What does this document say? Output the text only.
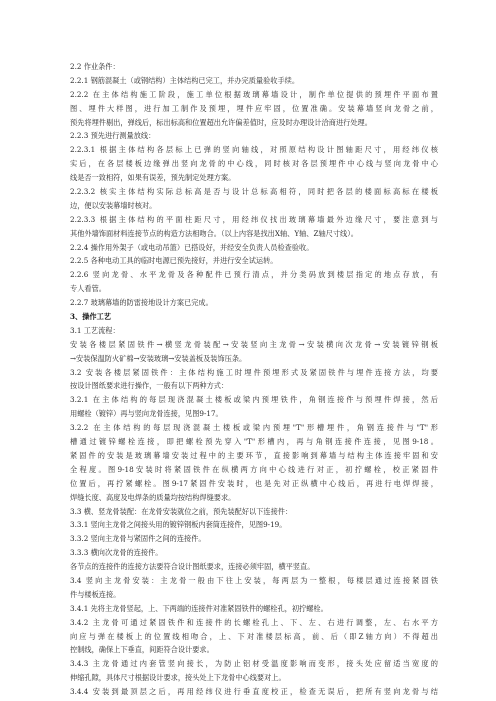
2.2 作业条件：
2.2.1 钢筋混凝土（或钢结构）主体结构已完工，并办完质量验收手续。
2.2.2 在主体结构施工阶段，施工单位根据玻璃幕墙设计，制作单位提供的预埋件平面布置
图、埋件大样图，进行加工制作及预埋，埋件应牢固，位置准确。安装幕墙竖向龙骨之前，
预先将埋件剔出，弹线后，标出标高和位置超出允许偏差值时，应及时办理设计洽商进行处理。
2.2.3 预先进行测量放线：
2.2.3.1 根据主体结构各层标上已弹的竖向轴线，对照原结构设计图轴距尺寸，用经纬仪核
实后，在各层楼板边缘弹出竖向龙骨的中心线，同时核对各层预埋件中心线与竖向龙骨中心
线是否一致相符，如果有误差，预先制定处理方案。
2.2.3.2 核实主体结构实际总标高是否与设计总标高相符，同时把各层的楼面标高标在楼板
边，便以安装幕墙时核对。
2.2.3.3 根据主体结构的平面柱距尺寸，用经纬仪找出玻璃幕墙最外边缘尺寸，要注意到与
其他外墙饰面材料连接节点的构造方法相吻合。（以上内容是找出X轴、Y轴、Z轴尺寸线）。
2.2.4 操作用外架子（或电动吊篮）已搭设好，并经安全负责人员检查验收。
2.2.5 各种电动工具的临时电源已预先接好，并进行安全试运转。
2.2.6 竖向龙骨、水平龙骨及各种配件已预行清点，并分类码放到楼层指定的地点存放，有
专人看管。
2.2.7 玻璃幕墙的防雷接地设计方案已完成。
3、操作工艺
3.1 工艺流程：
安装各楼层紧固铁件→横竖龙骨装配→安装竖向主龙骨→安装横向次龙骨→安装镀锌钢板
→安装保温防火矿棉→安装玻璃→安装盖板及装饰压条。
3.2 安装各楼层紧固铁件：主体结构施工时埋件预埋形式及紧固铁件与埋件连接方法，均要
按设计图纸要求进行操作，一般有以下两种方式：
3.2.1 在主体结构的每层现浇混凝土楼板或梁内预埋铁件，角钢连接件与预埋件焊接，然后
用螺栓（镀锌）再与竖向龙骨连接，见图9-17。
3.2.2 在主体结构的每层现浇混凝土楼板或梁内预埋"T"形槽埋件，角钢连接件与"T"形
槽通过镀锌螺栓连接，即把螺栓预先穿入"T"形槽内，再与角钢连接件连接，见图9-18。
紧固件的安装是玻璃幕墙安装过程中的主要环节，直接影响到幕墙与结构主体连接牢固和安
全程度。图9-18安装时将紧固铁件在纵横两方向中心线进行对正，初拧螺栓，校正紧固件
位置后，再拧紧螺栓。图9-17紧固件安装时，也是先对正纵横中心线后，再进行电焊焊接，
焊缝长度、高度及电焊条的质量均按结构焊缝要求。
3.3 横、竖龙骨装配：在龙骨安装就位之前，预先装配好以下连接件：
3.3.1 竖向主龙骨之间接头用的镀锌钢板内套筒连接件，见图9-19。
3.3.2 竖向主龙骨与紧固件之间的连接件。
3.3.3 横向次龙骨的连接件。
各节点的连接件的连接方法要符合设计图纸要求，连接必须牢固，横平竖直。
3.4 竖向主龙骨安装：主龙骨一般由下往上安装，每两层为一整根，每楼层通过连接紧固铁
件与楼板连接。
3.4.1 先将主龙骨竖起，上、下两端的连接件对准紧固铁件的螺栓孔，初拧螺栓。
3.4.2 主龙骨可通过紧固铁件和连接件的长螺栓孔上、下、左、右进行调整，左、右水平方
向应与弹在楼板上的位置线相吻合，上、下对准楼层标高，前、后（即Z轴方向）不得超出
控制线，确保上下垂直，间距符合设计要求。
3.4.3 主龙骨通过内套管竖向接长，为防止铝材受温度影响而变形，接头处应留适当宽度的
伸缩孔隙，具体尺寸根据设计要求，接头处上下龙骨中心线要对上。
3.4.4 安装到最顶层之后，再用经纬仪进行垂直度校正，检查无误后，把所有竖向龙骨与结
